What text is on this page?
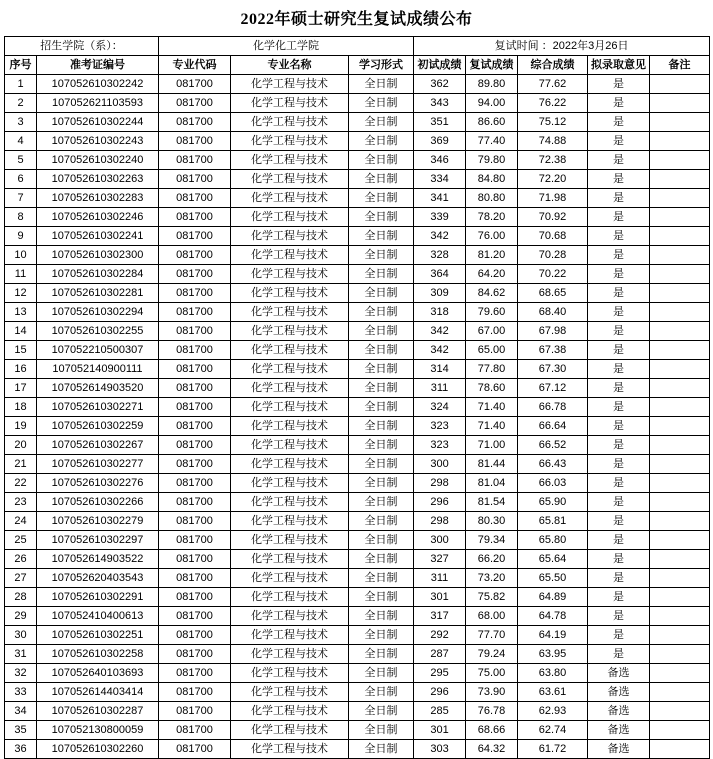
2022年硕士研究生复试成绩公布
招生学院（系）：		化学化工学院			复试时间 ：2022年3月26日				
序号	准考证编号	专业代码	专业名称	学习形式	初试成绩	复试成绩	综合成绩	拟录取意见	备注
1	107052610302242	081700	化学工程与技术	全日制	362	89.80	77.62	是	
2	107052621103593	081700	化学工程与技术	全日制	343	94.00	76.22	是	
3	107052610302244	081700	化学工程与技术	全日制	351	86.60	75.12	是	
4	107052610302243	081700	化学工程与技术	全日制	369	77.40	74.88	是	
5	107052610302240	081700	化学工程与技术	全日制	346	79.80	72.38	是	
6	107052610302263	081700	化学工程与技术	全日制	334	84.80	72.20	是	
7	107052610302283	081700	化学工程与技术	全日制	341	80.80	71.98	是	
8	107052610302246	081700	化学工程与技术	全日制	339	78.20	70.92	是	
9	107052610302241	081700	化学工程与技术	全日制	342	76.00	70.68	是	
10	107052610302300	081700	化学工程与技术	全日制	328	81.20	70.28	是	
11	107052610302284	081700	化学工程与技术	全日制	364	64.20	70.22	是	
12	107052610302281	081700	化学工程与技术	全日制	309	84.62	68.65	是	
13	107052610302294	081700	化学工程与技术	全日制	318	79.60	68.40	是	
14	107052610302255	081700	化学工程与技术	全日制	342	67.00	67.98	是	
15	107052210500307	081700	化学工程与技术	全日制	342	65.00	67.38	是	
16	107052140900111	081700	化学工程与技术	全日制	314	77.80	67.30	是	
17	107052614903520	081700	化学工程与技术	全日制	311	78.60	67.12	是	
18	107052610302271	081700	化学工程与技术	全日制	324	71.40	66.78	是	
19	107052610302259	081700	化学工程与技术	全日制	323	71.40	66.64	是	
20	107052610302267	081700	化学工程与技术	全日制	323	71.00	66.52	是	
21	107052610302277	081700	化学工程与技术	全日制	300	81.44	66.43	是	
22	107052610302276	081700	化学工程与技术	全日制	298	81.04	66.03	是	
23	107052610302266	081700	化学工程与技术	全日制	296	81.54	65.90	是	
24	107052610302279	081700	化学工程与技术	全日制	298	80.30	65.81	是	
25	107052610302297	081700	化学工程与技术	全日制	300	79.34	65.80	是	
26	107052614903522	081700	化学工程与技术	全日制	327	66.20	65.64	是	
27	107052620403543	081700	化学工程与技术	全日制	311	73.20	65.50	是	
28	107052610302291	081700	化学工程与技术	全日制	301	75.82	64.89	是	
29	107052410400613	081700	化学工程与技术	全日制	317	68.00	64.78	是	
30	107052610302251	081700	化学工程与技术	全日制	292	77.70	64.19	是	
31	107052610302258	081700	化学工程与技术	全日制	287	79.24	63.95	是	
32	107052640103693	081700	化学工程与技术	全日制	295	75.00	63.80	备选	
33	107052614403414	081700	化学工程与技术	全日制	296	73.90	63.61	备选	
34	107052610302287	081700	化学工程与技术	全日制	285	76.78	62.93	备选	
35	107052130800059	081700	化学工程与技术	全日制	301	68.66	62.74	备选	
36	107052610302260	081700	化学工程与技术	全日制	303	64.32	61.72	备选	
